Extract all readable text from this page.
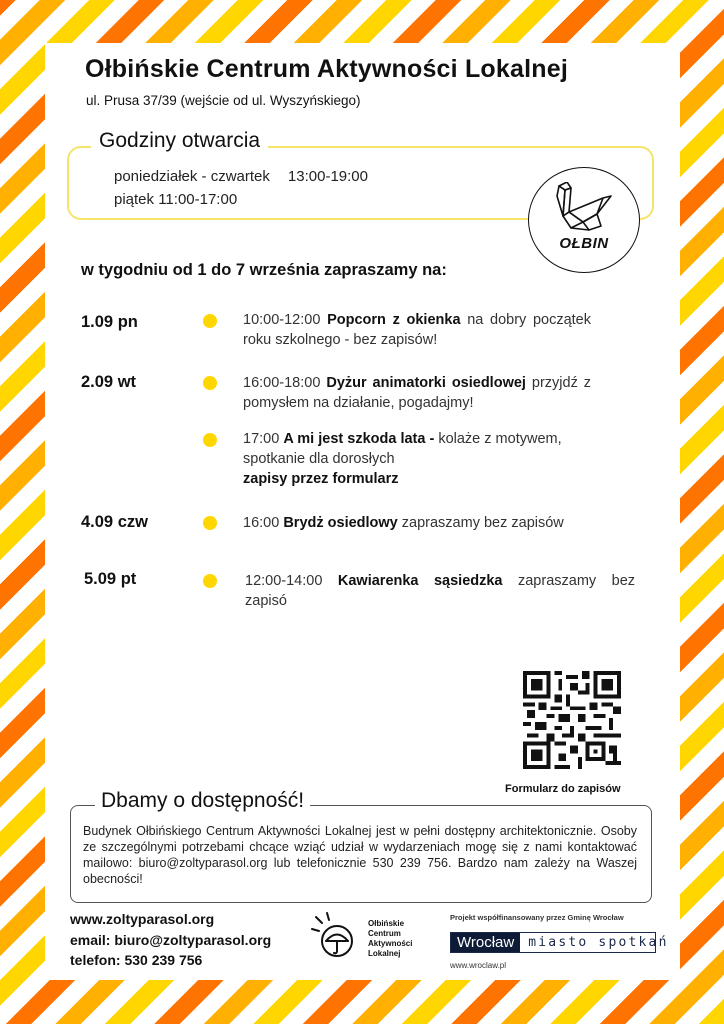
Ołbińskie Centrum Aktywności Lokalnej
ul. Prusa 37/39 (wejście od ul. Wyszyńskiego)
Godziny otwarcia
poniedziałek - czwartek 13:00-19:00
piątek 11:00-17:00
OŁBIN
w tygodniu od 1 do 7 września zapraszamy na:
1.09 pn	10:00-12:00 Popcorn z okienka na dobry początek roku szkolnego - bez zapisów!
2.09 wt	16:00-18:00 Dyżur animatorki osiedlowej przyjdź z pomysłem na działanie, pogadajmy!
17:00 A mi jest szkoda lata - kolaże z motywem, spotkanie dla dorosłych
zapisy przez formularz
4.09 czw	16:00 Brydż osiedlowy zapraszamy bez zapisów
5.09 pt	12:00-14:00 Kawiarenka sąsiedzka zapraszamy bez zapisó
Formularz do zapisów
Dbamy o dostępność!
Budynek Ołbińskiego Centrum Aktywności Lokalnej jest w pełni dostępny architektonicznie. Osoby ze szczególnymi potrzebami chcące wziąć udział w wydarzeniach mogę się z nami kontaktować mailowo: biuro@zoltyparasol.org lub telefonicznie 530 239 756. Bardzo nam zależy na Waszej obecności!
www.zoltyparasol.org
email: biuro@zoltyparasol.org
telefon: 530 239 756
Ołbińskie
Centrum
Aktywności
Lokalnej
Projekt współfinansowany przez Gminę Wrocław
Wrocław	miasto spotkań
www.wroclaw.pl
